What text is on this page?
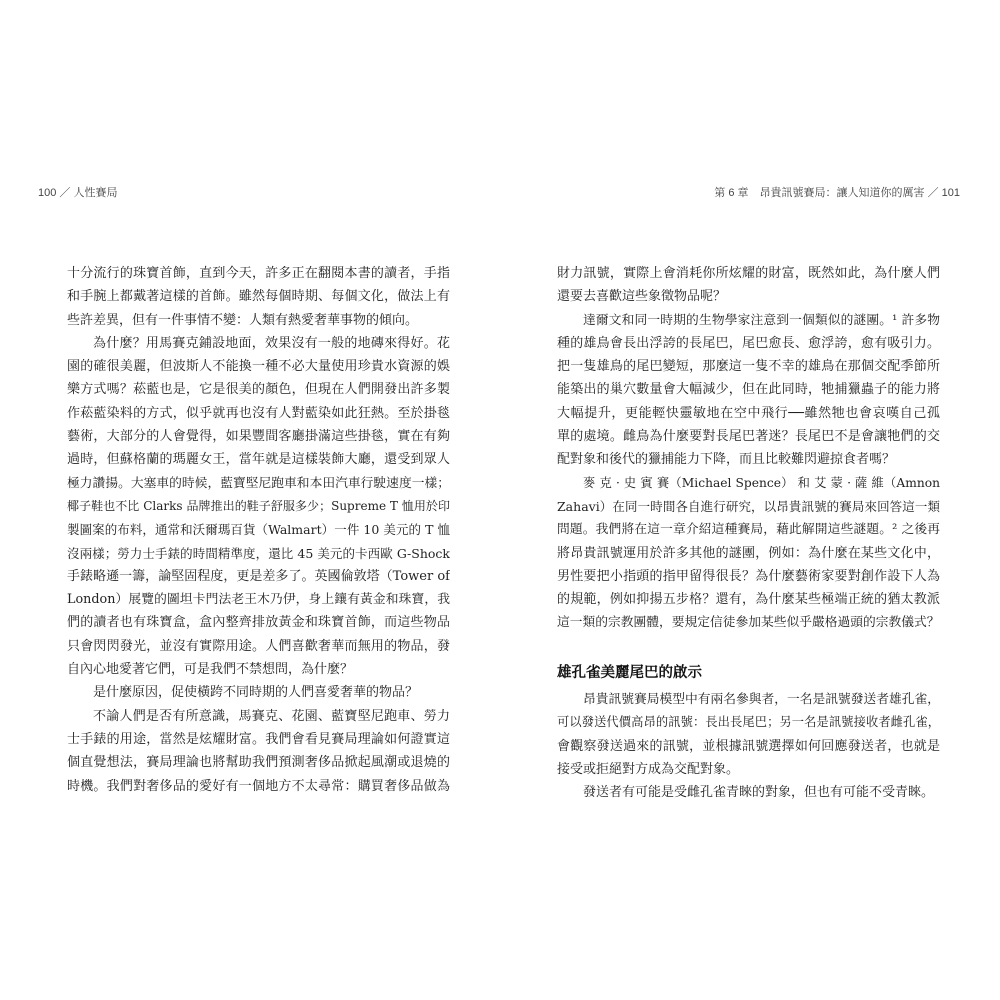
100 ／ 人性賽局	第 6 章　昂貴訊號賽局：讓人知道你的厲害 ／ 101
十分流行的珠寶首飾，直到今天，許多正在翻閱本書的讀者，手指
和手腕上都戴著這樣的首飾。雖然每個時期、每個文化，做法上有
些許差異，但有一件事情不變：人類有熱愛奢華事物的傾向。
為什麼？用馬賽克鋪設地面，效果沒有一般的地磚來得好。花
園的確很美麗，但波斯人不能換一種不必大量使用珍貴水資源的娛
樂方式嗎？菘藍也是，它是很美的顏色，但現在人們開發出許多製
作菘藍染料的方式，似乎就再也沒有人對藍染如此狂熱。至於掛毯
藝術，大部分的人會覺得，如果豐間客廳掛滿這些掛毯，實在有夠
過時，但蘇格蘭的瑪麗女王，當年就是這樣裝飾大廳，還受到眾人
極力讚揚。大塞車的時候，藍寶堅尼跑車和本田汽車行駛速度一樣；
椰子鞋也不比 Clarks 品牌推出的鞋子舒服多少；Supreme T 恤用於印
製圖案的布料，通常和沃爾瑪百貨（Walmart）一件 10 美元的 T 恤
沒兩樣；勞力士手錶的時間精準度，還比 45 美元的卡西歐 G-Shock
手錶略遜一籌，論堅固程度，更是差多了。英國倫敦塔（Tower of
London）展覽的圖坦卡門法老王木乃伊，身上鑲有黃金和珠寶，我
們的讀者也有珠寶盒，盒內整齊排放黃金和珠寶首飾，而這些物品
只會閃閃發光，並沒有實際用途。人們喜歡奢華而無用的物品，發
自內心地愛著它們，可是我們不禁想問，為什麼？
是什麼原因，促使橫跨不同時期的人們喜愛奢華的物品？
不論人們是否有所意識，馬賽克、花園、藍寶堅尼跑車、勞力
士手錶的用途，當然是炫耀財富。我們會看見賽局理論如何證實這
個直覺想法，賽局理論也將幫助我們預測奢侈品掀起風潮或退燒的
時機。我們對奢侈品的愛好有一個地方不太尋常：購買奢侈品做為
財力訊號，實際上會消耗你所炫耀的財富，既然如此，為什麼人們
還要去喜歡這些象徵物品呢？
達爾文和同一時期的生物學家注意到一個類似的謎團。¹ 許多物
種的雄鳥會長出浮誇的長尾巴，尾巴愈長、愈浮誇，愈有吸引力。
把一隻雄鳥的尾巴變短，那麼這一隻不幸的雄鳥在那個交配季節所
能築出的巢穴數量會大幅減少，但在此同時，牠捕獵蟲子的能力將
大幅提升，更能輕快靈敏地在空中飛行──雖然牠也會哀嘆自己孤
單的處境。雌鳥為什麼要對長尾巴著迷？長尾巴不是會讓牠們的交
配對象和後代的獵捕能力下降，而且比較難閃避掠食者嗎？
麥 克 · 史 賓 賽（Michael Spence） 和 艾 蒙 · 薩 維（Amnon
Zahavi）在同一時間各自進行研究，以昂貴訊號的賽局來回答這一類
問題。我們將在這一章介紹這種賽局，藉此解開這些謎題。² 之後再
將昂貴訊號運用於許多其他的謎團，例如：為什麼在某些文化中，
男性要把小指頭的指甲留得很長？為什麼藝術家要對創作設下人為
的規範，例如抑揚五步格？還有，為什麼某些極端正統的猶太教派
這一類的宗教團體，要規定信徒參加某些似乎嚴格過頭的宗教儀式？
雄孔雀美麗尾巴的啟示
昂貴訊號賽局模型中有兩名參與者，一名是訊號發送者雄孔雀，
可以發送代價高昂的訊號：長出長尾巴；另一名是訊號接收者雌孔雀，
會觀察發送過來的訊號，並根據訊號選擇如何回應發送者，也就是
接受或拒絕對方成為交配對象。
發送者有可能是受雌孔雀青睞的對象，但也有可能不受青睞。
